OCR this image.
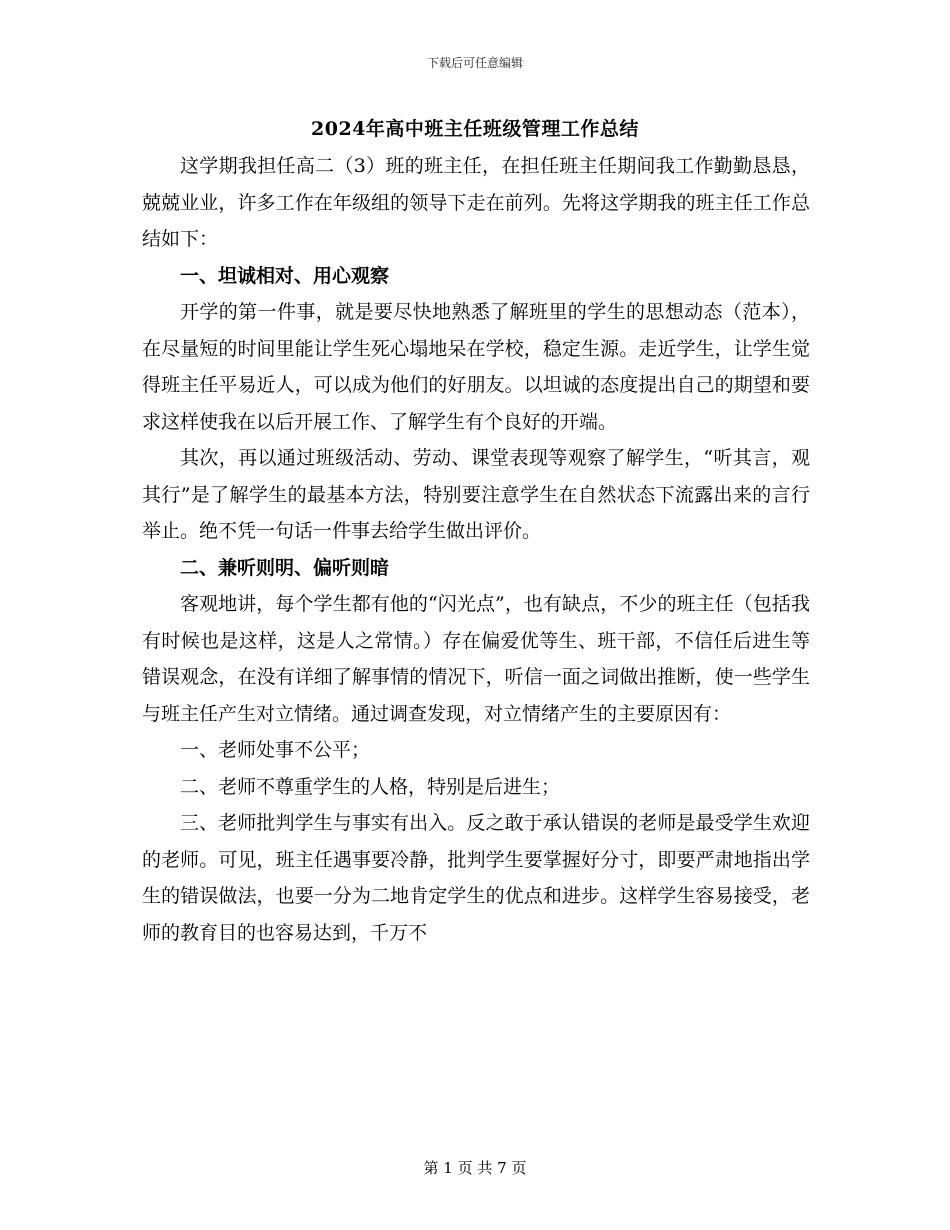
下载后可任意编辑
2024年高中班主任班级管理工作总结

这学期我担任高二（3）班的班主任，在担任班主任期间我工作勤勤恳恳，兢兢业业，许多工作在年级组的领导下走在前列。先将这学期我的班主任工作总结如下：

一、坦诚相对、用心观察

开学的第一件事，就是要尽快地熟悉了解班里的学生的思想动态（范本），在尽量短的时间里能让学生死心塌地呆在学校，稳定生源。走近学生，让学生觉得班主任平易近人，可以成为他们的好朋友。以坦诚的态度提出自己的期望和要求这样使我在以后开展工作、了解学生有个良好的开端。

其次，再以通过班级活动、劳动、课堂表现等观察了解学生，“听其言，观其行”是了解学生的最基本方法，特别要注意学生在自然状态下流露出来的言行举止。绝不凭一句话一件事去给学生做出评价。

二、兼听则明、偏听则暗

客观地讲，每个学生都有他的“闪光点”，也有缺点，不少的班主任（包括我有时候也是这样，这是人之常情。）存在偏爱优等生、班干部，不信任后进生等错误观念，在没有详细了解事情的情况下，听信一面之词做出推断，使一些学生与班主任产生对立情绪。通过调查发现，对立情绪产生的主要原因有：

一、老师处事不公平；

二、老师不尊重学生的人格，特别是后进生；

三、老师批判学生与事实有出入。反之敢于承认错误的老师是最受学生欢迎的老师。可见，班主任遇事要冷静，批判学生要掌握好分寸，即要严肃地指出学生的错误做法，也要一分为二地肯定学生的优点和进步。这样学生容易接受，老师的教育目的也容易达到，千万不

第 1 页 共 7 页
